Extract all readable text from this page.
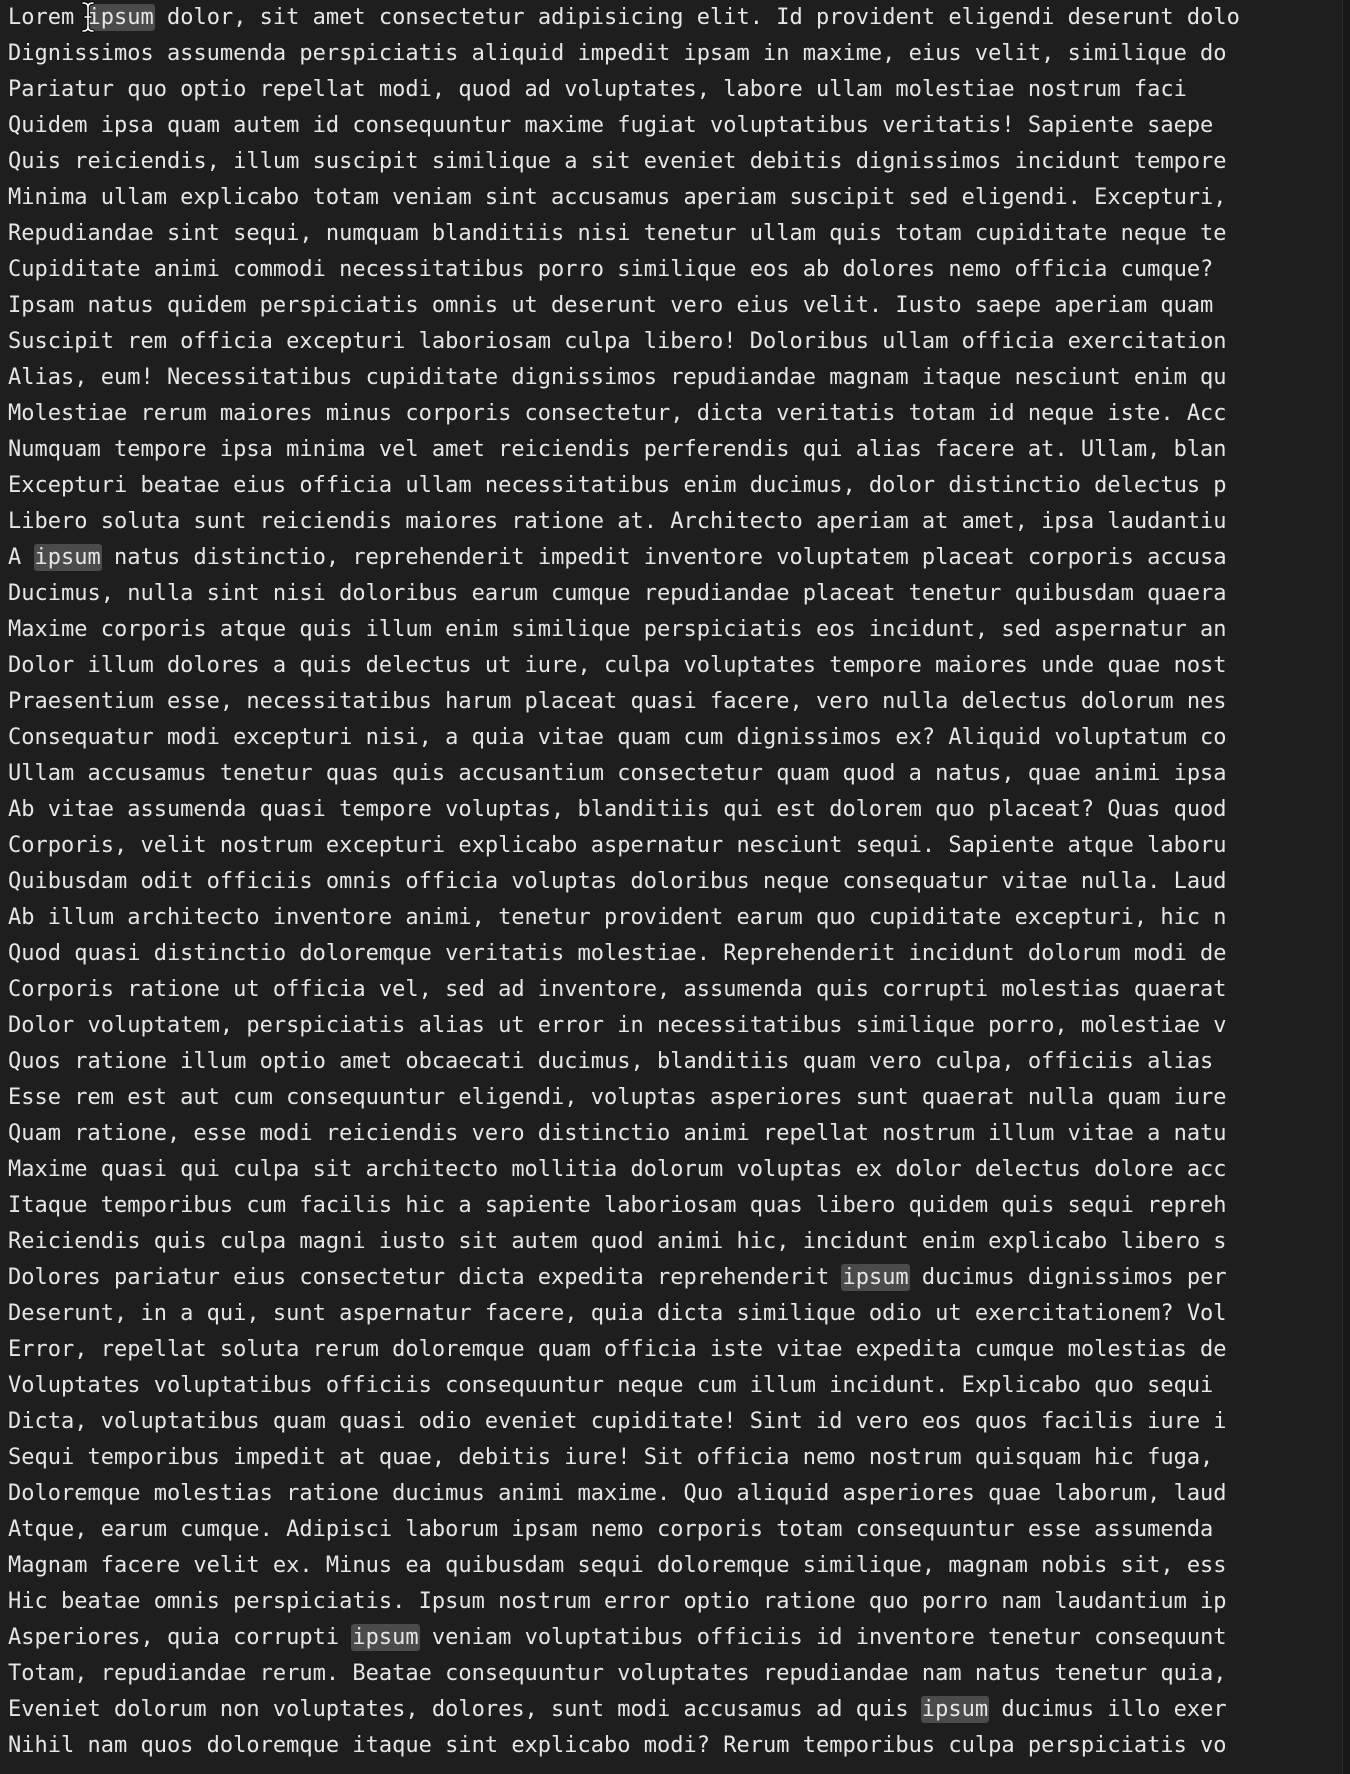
Lorem ipsum dolor, sit amet consectetur adipisicing elit. Id provident eligendi deserunt dolo
Dignissimos assumenda perspiciatis aliquid impedit ipsam in maxime, eius velit, similique do
Pariatur quo optio repellat modi, quod ad voluptates, labore ullam molestiae nostrum faci
Quidem ipsa quam autem id consequuntur maxime fugiat voluptatibus veritatis! Sapiente saepe
Quis reiciendis, illum suscipit similique a sit eveniet debitis dignissimos incidunt tempore
Minima ullam explicabo totam veniam sint accusamus aperiam suscipit sed eligendi. Excepturi,
Repudiandae sint sequi, numquam blanditiis nisi tenetur ullam quis totam cupiditate neque te
Cupiditate animi commodi necessitatibus porro similique eos ab dolores nemo officia cumque?
Ipsam natus quidem perspiciatis omnis ut deserunt vero eius velit. Iusto saepe aperiam quam
Suscipit rem officia excepturi laboriosam culpa libero! Doloribus ullam officia exercitation
Alias, eum! Necessitatibus cupiditate dignissimos repudiandae magnam itaque nesciunt enim qu
Molestiae rerum maiores minus corporis consectetur, dicta veritatis totam id neque iste. Acc
Numquam tempore ipsa minima vel amet reiciendis perferendis qui alias facere at. Ullam, blan
Excepturi beatae eius officia ullam necessitatibus enim ducimus, dolor distinctio delectus p
Libero soluta sunt reiciendis maiores ratione at. Architecto aperiam at amet, ipsa laudantiu
A ipsum natus distinctio, reprehenderit impedit inventore voluptatem placeat corporis accusa
Ducimus, nulla sint nisi doloribus earum cumque repudiandae placeat tenetur quibusdam quaera
Maxime corporis atque quis illum enim similique perspiciatis eos incidunt, sed aspernatur an
Dolor illum dolores a quis delectus ut iure, culpa voluptates tempore maiores unde quae nost
Praesentium esse, necessitatibus harum placeat quasi facere, vero nulla delectus dolorum nes
Consequatur modi excepturi nisi, a quia vitae quam cum dignissimos ex? Aliquid voluptatum co
Ullam accusamus tenetur quas quis accusantium consectetur quam quod a natus, quae animi ipsa
Ab vitae assumenda quasi tempore voluptas, blanditiis qui est dolorem quo placeat? Quas quod
Corporis, velit nostrum excepturi explicabo aspernatur nesciunt sequi. Sapiente atque laboru
Quibusdam odit officiis omnis officia voluptas doloribus neque consequatur vitae nulla. Laud
Ab illum architecto inventore animi, tenetur provident earum quo cupiditate excepturi, hic n
Quod quasi distinctio doloremque veritatis molestiae. Reprehenderit incidunt dolorum modi de
Corporis ratione ut officia vel, sed ad inventore, assumenda quis corrupti molestias quaerat
Dolor voluptatem, perspiciatis alias ut error in necessitatibus similique porro, molestiae v
Quos ratione illum optio amet obcaecati ducimus, blanditiis quam vero culpa, officiis alias
Esse rem est aut cum consequuntur eligendi, voluptas asperiores sunt quaerat nulla quam iure
Quam ratione, esse modi reiciendis vero distinctio animi repellat nostrum illum vitae a natu
Maxime quasi qui culpa sit architecto mollitia dolorum voluptas ex dolor delectus dolore acc
Itaque temporibus cum facilis hic a sapiente laboriosam quas libero quidem quis sequi repreh
Reiciendis quis culpa magni iusto sit autem quod animi hic, incidunt enim explicabo libero s
Dolores pariatur eius consectetur dicta expedita reprehenderit ipsum ducimus dignissimos per
Deserunt, in a qui, sunt aspernatur facere, quia dicta similique odio ut exercitationem? Vol
Error, repellat soluta rerum doloremque quam officia iste vitae expedita cumque molestias de
Voluptates voluptatibus officiis consequuntur neque cum illum incidunt. Explicabo quo sequi
Dicta, voluptatibus quam quasi odio eveniet cupiditate! Sint id vero eos quos facilis iure i
Sequi temporibus impedit at quae, debitis iure! Sit officia nemo nostrum quisquam hic fuga,
Doloremque molestias ratione ducimus animi maxime. Quo aliquid asperiores quae laborum, laud
Atque, earum cumque. Adipisci laborum ipsam nemo corporis totam consequuntur esse assumenda
Magnam facere velit ex. Minus ea quibusdam sequi doloremque similique, magnam nobis sit, ess
Hic beatae omnis perspiciatis. Ipsum nostrum error optio ratione quo porro nam laudantium ip
Asperiores, quia corrupti ipsum veniam voluptatibus officiis id inventore tenetur consequunt
Totam, repudiandae rerum. Beatae consequuntur voluptates repudiandae nam natus tenetur quia,
Eveniet dolorum non voluptates, dolores, sunt modi accusamus ad quis ipsum ducimus illo exer
Nihil nam quos doloremque itaque sint explicabo modi? Rerum temporibus culpa perspiciatis vo
